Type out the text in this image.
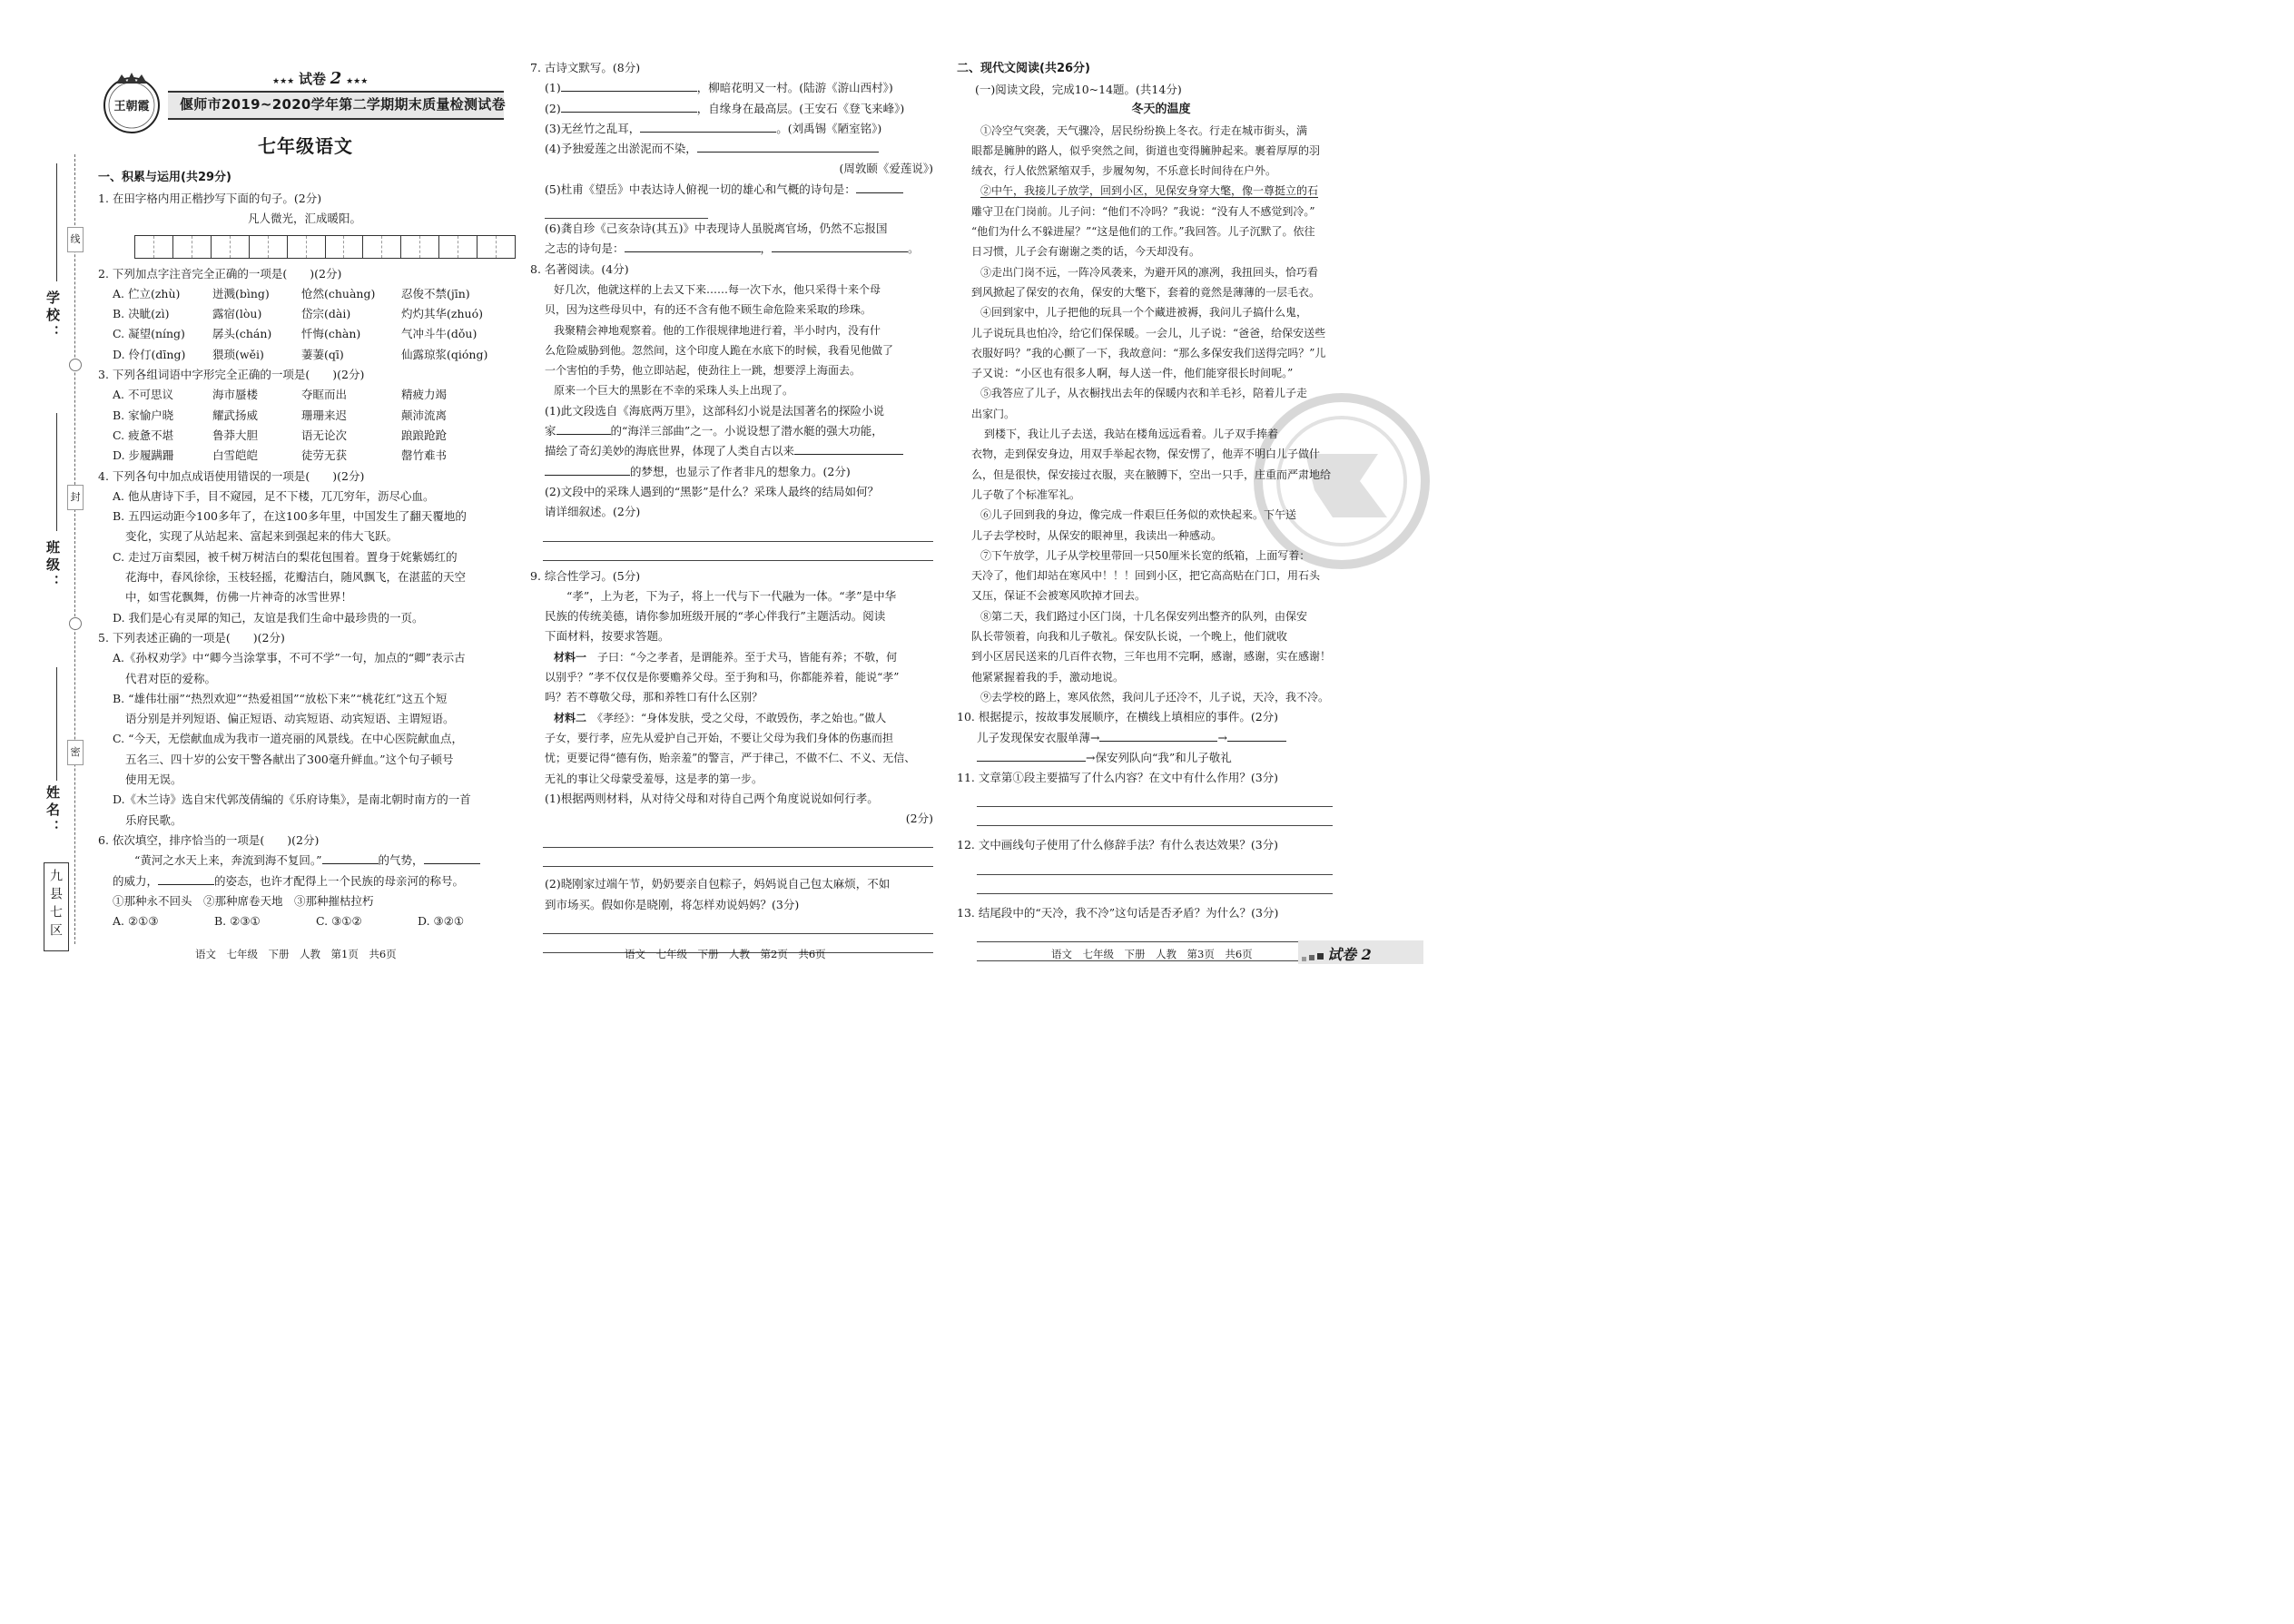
线
封
密
学校：
班级：
姓名：
九县七区
王朝霞
★★★ 试卷 2 ★★★
偃师市2019~2020学年第二学期期末质量检测试卷
七年级语文
一、积累与运用(共29分)
1. 在田字格内用正楷抄写下面的句子。(2分)
凡人微光，汇成暖阳。
2. 下列加点字注音完全正确的一项是(　　)(2分)
A. 伫立(zhù)	迸溅(bìng)	怆然(chuàng)	忍俊不禁(jīn)
B. 决眦(zì)	露宿(lòu)	岱宗(dài)	灼灼其华(zhuó)
C. 凝望(níng)	孱头(chán)	忏悔(chàn)	气冲斗牛(dǒu)
D. 伶仃(dīng)	猥琐(wěi)	萋萋(qī)	仙露琼浆(qióng)
3. 下列各组词语中字形完全正确的一项是(　　)(2分)
A. 不可思议	海市蜃楼	夺眶而出	精疲力竭
B. 家愉户晓	耀武扬威	珊珊来迟	颠沛流离
C. 疲惫不堪	鲁莽大胆	语无论次	踉踉跄跄
D. 步履蹒跚	白雪皑皑	徒劳无获	罄竹难书
4. 下列各句中加点成语使用错误的一项是(　　)(2分)
A. 他从唐诗下手，目不窥园，足不下楼，兀兀穷年，沥尽心血。
B. 五四运动距今100多年了，在这100多年里，中国发生了翻天覆地的
变化，实现了从站起来、富起来到强起来的伟大飞跃。
C. 走过万亩梨园，被千树万树洁白的梨花包围着。置身于姹紫嫣红的
花海中，春风徐徐，玉枝轻摇，花瓣洁白，随风飘飞，在湛蓝的天空
中，如雪花飘舞，仿佛一片神奇的冰雪世界！
D. 我们是心有灵犀的知己，友谊是我们生命中最珍贵的一页。
5. 下列表述正确的一项是(　　)(2分)
A.《孙权劝学》中“卿今当涂掌事，不可不学”一句，加点的“卿”表示古
代君对臣的爱称。
B. “雄伟壮丽”“热烈欢迎”“热爱祖国”“放松下来”“桃花红”这五个短
语分别是并列短语、偏正短语、动宾短语、动宾短语、主谓短语。
C. “今天，无偿献血成为我市一道亮丽的风景线。在中心医院献血点，
五名三、四十岁的公安干警各献出了300毫升鲜血。”这个句子顿号
使用无误。
D.《木兰诗》选自宋代郭茂倩编的《乐府诗集》，是南北朝时南方的一首
乐府民歌。
6. 依次填空，排序恰当的一项是(　　)(2分)
“黄河之水天上来，奔流到海不复回。”	的气势，
的威力，	的姿态，也许才配得上一个民族的母亲河的称号。
①那种永不回头　②那种席卷天地　③那种摧枯拉朽
A. ②①③	B. ②③①	C. ③①②	D. ③②①
7. 古诗文默写。(8分)
(1)	，柳暗花明又一村。(陆游《游山西村》)
(2)	，自缘身在最高层。(王安石《登飞来峰》)
(3)无丝竹之乱耳，	。(刘禹锡《陋室铭》)
(4)予独爱莲之出淤泥而不染，
(周敦颐《爱莲说》)
(5)杜甫《望岳》中表达诗人俯视一切的雄心和气概的诗句是：
(6)龚自珍《己亥杂诗(其五)》中表现诗人虽脱离官场，仍然不忘报国
之志的诗句是：	，	。
8. 名著阅读。(4分)
好几次，他就这样的上去又下来……每一次下水，他只采得十来个母
贝，因为这些母贝中，有的还不含有他不顾生命危险来采取的珍珠。
我聚精会神地观察着。他的工作很规律地进行着，半小时内，没有什
么危险威胁到他。忽然间，这个印度人跪在水底下的时候，我看见他做了
一个害怕的手势，他立即站起，使劲往上一跳，想要浮上海面去。
原来一个巨大的黑影在不幸的采珠人头上出现了。
(1)此文段选自《海底两万里》，这部科幻小说是法国著名的探险小说
家	的“海洋三部曲”之一。小说设想了潜水艇的强大功能，
描绘了奇幻美妙的海底世界，体现了人类自古以来
的梦想，也显示了作者非凡的想象力。(2分)
(2)文段中的采珠人遇到的“黑影”是什么？采珠人最终的结局如何？
请详细叙述。(2分)
9. 综合性学习。(5分)
“孝”，上为老，下为子，将上一代与下一代融为一体。“孝”是中华
民族的传统美德，请你参加班级开展的“孝心伴我行”主题活动。阅读
下面材料，按要求答题。
材料一　 子曰：“今之孝者，是谓能养。至于犬马，皆能有养；不敬，何
以别乎？”孝不仅仅是你要赡养父母。至于狗和马，你都能养着，能说“孝”
吗？若不尊敬父母，那和养牲口有什么区别？
材料二　 《孝经》：“身体发肤，受之父母，不敢毁伤，孝之始也。”做人
子女，要行孝，应先从爱护自己开始，不要让父母为我们身体的伤惠而担
忧；更要记得“德有伤，贻亲羞”的警言，严于律己，不做不仁、不义、无信、
无礼的事让父母蒙受羞辱，这是孝的第一步。
(1)根据两则材料，从对待父母和对待自己两个角度说说如何行孝。
(2分)
(2)晓刚家过端午节，奶奶要亲自包粽子，妈妈说自己包太麻烦，不如
到市场买。假如你是晓刚，将怎样劝说妈妈？(3分)
二、现代文阅读(共26分)
(一)阅读文段，完成10~14题。(共14分)
冬天的温度
①冷空气突袭，天气骤冷，居民纷纷换上冬衣。行走在城市街头，满
眼都是臃肿的路人，似乎突然之间，街道也变得臃肿起来。裹着厚厚的羽
绒衣，行人依然紧缩双手，步履匆匆，不乐意长时间待在户外。
②中午，我接儿子放学，回到小区，见保安身穿大氅，像一尊挺立的石
雕守卫在门岗前。儿子问：“他们不冷吗？”我说：“没有人不感觉到冷。”
“他们为什么不躲进屋？”“这是他们的工作。”我回答。儿子沉默了。依往
日习惯，儿子会有谢谢之类的话，今天却没有。
③走出门岗不远，一阵冷风袭来，为避开风的凛冽，我扭回头，恰巧看
到风掀起了保安的衣角，保安的大氅下，套着的竟然是薄薄的一层毛衣。
④回到家中，儿子把他的玩具一个个藏进被褥，我问儿子搞什么鬼，
儿子说玩具也怕冷，给它们保保暖。一会儿，儿子说：“爸爸，给保安送些
衣服好吗？”我的心颤了一下，我故意问：“那么多保安我们送得完吗？”儿
子又说：“小区也有很多人啊，每人送一件，他们能穿很长时间呢。”
⑤我答应了儿子，从衣橱找出去年的保暖内衣和羊毛衫，陪着儿子走
出家门。
　　到楼下，我让儿子去送，我站在楼角远远看着。儿子双手捧着
衣物，走到保安身边，用双手举起衣物，保安愣了，他弄不明白儿子做什
么，但是很快，保安接过衣服，夹在腋膊下，空出一只手，庄重而严肃地给
儿子敬了个标准军礼。
⑥儿子回到我的身边，像完成一件艰巨任务似的欢快起来。下午送
儿子去学校时，从保安的眼神里，我读出一种感动。
⑦下午放学，儿子从学校里带回一只50厘米长宽的纸箱，上面写着：
天冷了，他们却站在寒风中！！！回到小区，把它高高贴在门口，用石头
又压，保证不会被寒风吹掉才回去。
⑧第二天，我们路过小区门岗，十几名保安列出整齐的队列，由保安
队长带领着，向我和儿子敬礼。保安队长说，一个晚上，他们就收
到小区居民送来的几百件衣物，三年也用不完啊，感谢，感谢，实在感谢！
他紧紧握着我的手，激动地说。
⑨去学校的路上，寒风依然，我问儿子还冷不，儿子说，天冷，我不冷。
10. 根据提示，按故事发展顺序，在横线上填相应的事件。(2分)
儿子发现保安衣服单薄→	→
→保安列队向“我”和儿子敬礼
11. 文章第①段主要描写了什么内容？在文中有什么作用？(3分)
12. 文中画线句子使用了什么修辞手法？有什么表达效果？(3分)
13. 结尾段中的“天冷，我不冷”这句话是否矛盾？为什么？(3分)
语文　七年级　下册　人教　第1页　共6页	语文　七年级　下册　人教　第2页　共6页	语文　七年级　下册　人教　第3页　共6页	试卷 2
